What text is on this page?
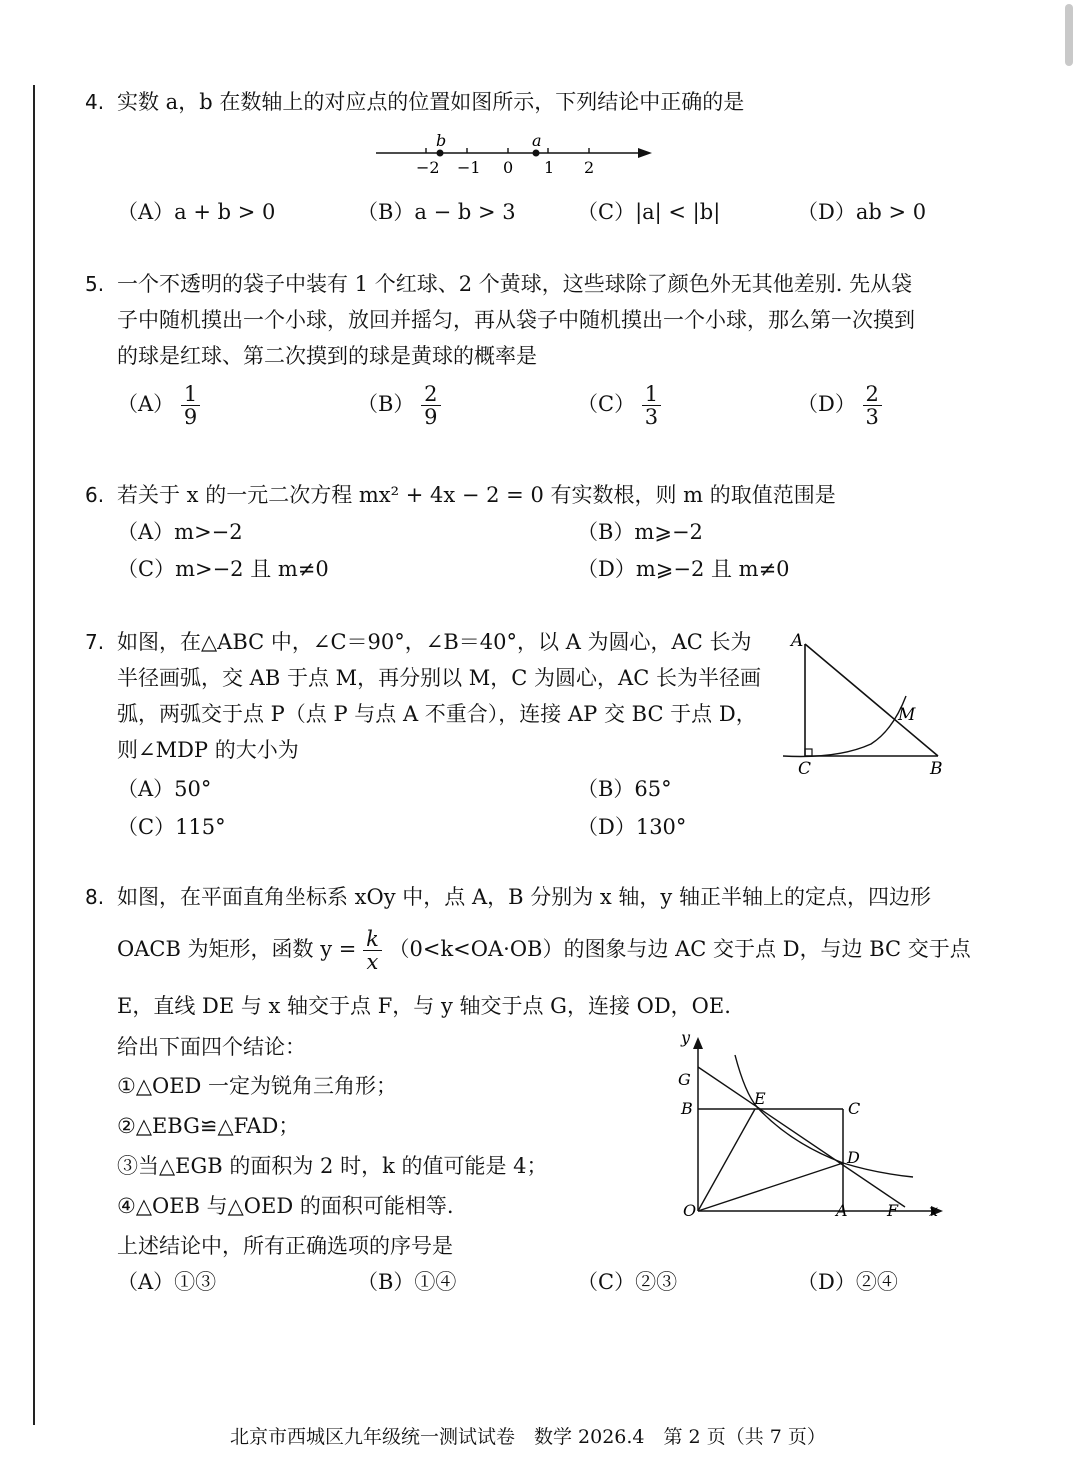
4. 实数 a，b 在数轴上的对应点的位置如图所示，下列结论中正确的是
b	a
−2 −1 0 1 2
（A）a + b > 0	（B）a − b > 3	（C）|a| < |b|	（D）ab > 0
5. 一个不透明的袋子中装有 1 个红球、2 个黄球，这些球除了颜色外无其他差别. 先从袋
子中随机摸出一个小球，放回并摇匀，再从袋子中随机摸出一个小球，那么第一次摸到
的球是红球、第二次摸到的球是黄球的概率是
$(A) \frac{1}{9}$	$(B) \frac{2}{9}$	$(C) \frac{1}{3}$	$(D) \frac{2}{3}$
6. 若关于 x 的一元二次方程 mx² + 4x − 2 = 0 有实数根，则 m 的取值范围是
（A）m>−2	（B）m⩾−2
（C）m>−2 且 m≠0	（D）m⩾−2 且 m≠0
7. 如图，在△ABC 中，∠C＝90°，∠B＝40°，以 A 为圆心，AC 长为
半径画弧，交 AB 于点 M，再分别以 M，C 为圆心，AC 长为半径画
弧，两弧交于点 P（点 P 与点 A 不重合），连接 AP 交 BC 于点 D，
则∠MDP 的大小为
A
C	B
M
（A）50°	（B）65°
（C）115°	（D）130°
8. 如图，在平面直角坐标系 xOy 中，点 A，B 分别为 x 轴，y 轴正半轴上的定点，四边形
OACB 为矩形，函数 $y = \frac{k}{x} (0<k<OA\cdot OB)$的图象与边 AC 交于点 D，与边 BC 交于点
E，直线 DE 与 x 轴交于点 F，与 y 轴交于点 G，连接 OD，OE.
给出下面四个结论：
①△OED 一定为锐角三角形；
②△EBG≌△FAD；
③当△EGB 的面积为 2 时，k 的值可能是 4；
④△OEB 与△OED 的面积可能相等.
上述结论中，所有正确选项的序号是
y
x
O
G
B
E
C
D
A F
（A）①③	（B）①④	（C）②③	（D）②④
北京市西城区九年级统一测试试卷　数学 2026.4　第 2 页（共 7 页）
